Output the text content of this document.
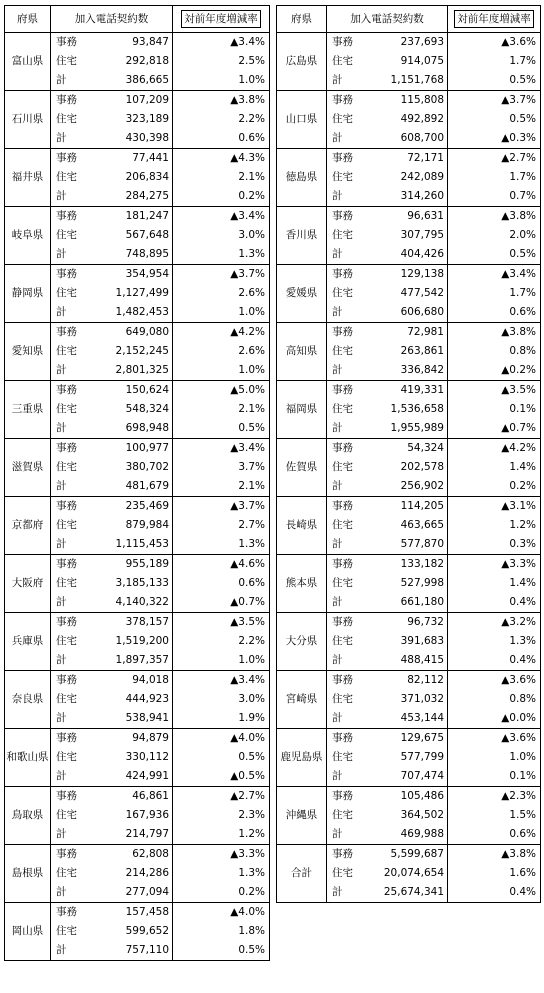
府県	加入電話契約数		対前年度増減率
富山県	事務	93,847	▲3.4%
	住宅	292,818	2.5%
	計	386,665	1.0%
石川県	事務	107,209	▲3.8%
	住宅	323,189	2.2%
	計	430,398	0.6%
福井県	事務	77,441	▲4.3%
	住宅	206,834	2.1%
	計	284,275	0.2%
岐阜県	事務	181,247	▲3.4%
	住宅	567,648	3.0%
	計	748,895	1.3%
静岡県	事務	354,954	▲3.7%
	住宅	1,127,499	2.6%
	計	1,482,453	1.0%
愛知県	事務	649,080	▲4.2%
	住宅	2,152,245	2.6%
	計	2,801,325	1.0%
三重県	事務	150,624	▲5.0%
	住宅	548,324	2.1%
	計	698,948	0.5%
滋賀県	事務	100,977	▲3.4%
	住宅	380,702	3.7%
	計	481,679	2.1%
京都府	事務	235,469	▲3.7%
	住宅	879,984	2.7%
	計	1,115,453	1.3%
大阪府	事務	955,189	▲4.6%
	住宅	3,185,133	0.6%
	計	4,140,322	▲0.7%
兵庫県	事務	378,157	▲3.5%
	住宅	1,519,200	2.2%
	計	1,897,357	1.0%
奈良県	事務	94,018	▲3.4%
	住宅	444,923	3.0%
	計	538,941	1.9%
和歌山県	事務	94,879	▲4.0%
	住宅	330,112	0.5%
	計	424,991	▲0.5%
鳥取県	事務	46,861	▲2.7%
	住宅	167,936	2.3%
	計	214,797	1.2%
島根県	事務	62,808	▲3.3%
	住宅	214,286	1.3%
	計	277,094	0.2%
岡山県	事務	157,458	▲4.0%
	住宅	599,652	1.8%
	計	757,110	0.5%
府県	加入電話契約数		対前年度増減率
広島県	事務	237,693	▲3.6%
	住宅	914,075	1.7%
	計	1,151,768	0.5%
山口県	事務	115,808	▲3.7%
	住宅	492,892	0.5%
	計	608,700	▲0.3%
徳島県	事務	72,171	▲2.7%
	住宅	242,089	1.7%
	計	314,260	0.7%
香川県	事務	96,631	▲3.8%
	住宅	307,795	2.0%
	計	404,426	0.5%
愛媛県	事務	129,138	▲3.4%
	住宅	477,542	1.7%
	計	606,680	0.6%
高知県	事務	72,981	▲3.8%
	住宅	263,861	0.8%
	計	336,842	▲0.2%
福岡県	事務	419,331	▲3.5%
	住宅	1,536,658	0.1%
	計	1,955,989	▲0.7%
佐賀県	事務	54,324	▲4.2%
	住宅	202,578	1.4%
	計	256,902	0.2%
長崎県	事務	114,205	▲3.1%
	住宅	463,665	1.2%
	計	577,870	0.3%
熊本県	事務	133,182	▲3.3%
	住宅	527,998	1.4%
	計	661,180	0.4%
大分県	事務	96,732	▲3.2%
	住宅	391,683	1.3%
	計	488,415	0.4%
宮崎県	事務	82,112	▲3.6%
	住宅	371,032	0.8%
	計	453,144	▲0.0%
鹿児島県	事務	129,675	▲3.6%
	住宅	577,799	1.0%
	計	707,474	0.1%
沖縄県	事務	105,486	▲2.3%
	住宅	364,502	1.5%
	計	469,988	0.6%
合計	事務	5,599,687	▲3.8%
	住宅	20,074,654	1.6%
	計	25,674,341	0.4%
